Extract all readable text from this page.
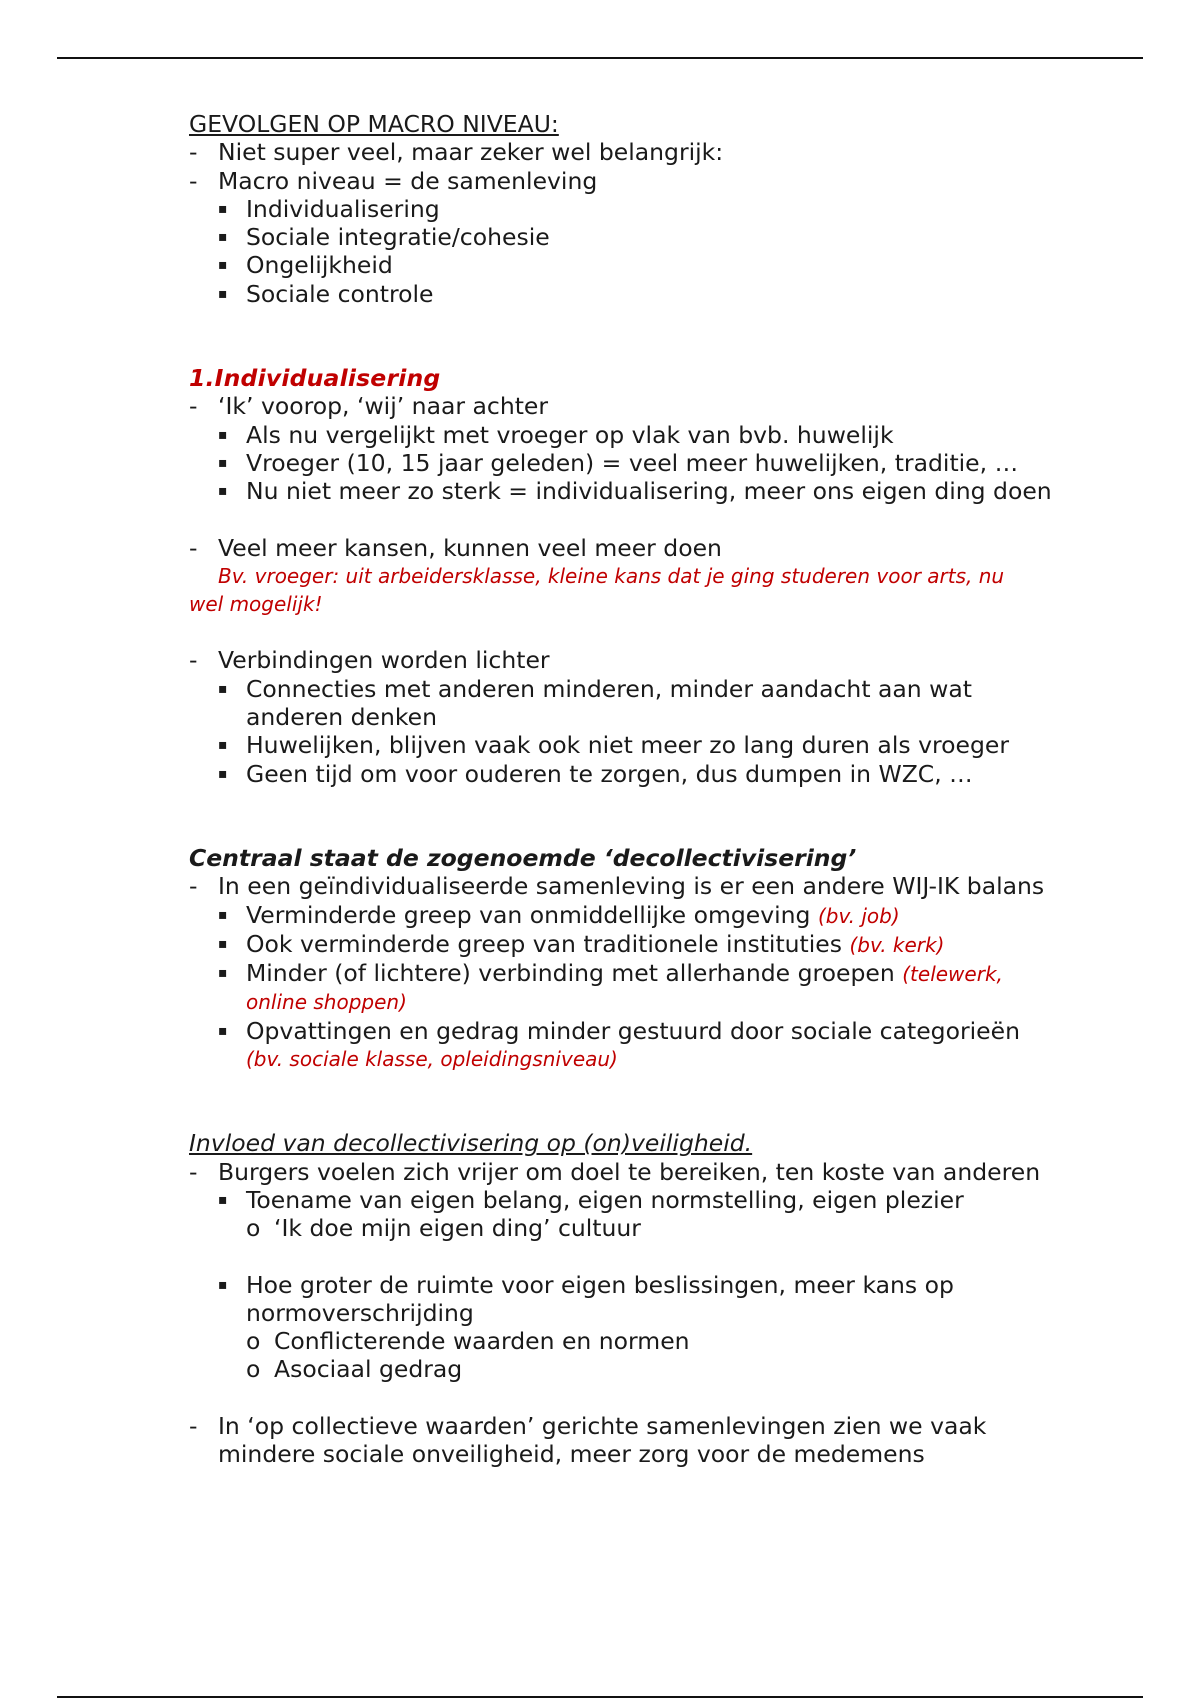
GEVOLGEN OP MACRO NIVEAU:
- Niet super veel, maar zeker wel belangrijk:
- Macro niveau = de samenleving
▪ Individualisering
▪ Sociale integratie/cohesie
▪ Ongelijkheid
▪ Sociale controle
1.Individualisering
- ‘Ik’ voorop, ‘wij’ naar achter
▪ Als nu vergelijkt met vroeger op vlak van bvb. huwelijk
▪ Vroeger (10, 15 jaar geleden) = veel meer huwelijken, traditie, …
▪ Nu niet meer zo sterk = individualisering, meer ons eigen ding doen
- Veel meer kansen, kunnen veel meer doen
Bv. vroeger: uit arbeidersklasse, kleine kans dat je ging studeren voor arts, nu
wel mogelijk!
- Verbindingen worden lichter
▪ Connecties met anderen minderen, minder aandacht aan wat
anderen denken
▪ Huwelijken, blijven vaak ook niet meer zo lang duren als vroeger
▪ Geen tijd om voor ouderen te zorgen, dus dumpen in WZC, …
Centraal staat de zogenoemde ‘decollectivisering’
- In een geïndividualiseerde samenleving is er een andere WIJ-IK balans
▪ Verminderde greep van onmiddellijke omgeving (bv. job)
▪ Ook verminderde greep van traditionele instituties (bv. kerk)
▪ Minder (of lichtere) verbinding met allerhande groepen (telewerk,
online shoppen)
▪ Opvattingen en gedrag minder gestuurd door sociale categorieën
(bv. sociale klasse, opleidingsniveau)
Invloed van decollectivisering op (on)veiligheid.
- Burgers voelen zich vrijer om doel te bereiken, ten koste van anderen
▪ Toename van eigen belang, eigen normstelling, eigen plezier
o ‘Ik doe mijn eigen ding’ cultuur
▪ Hoe groter de ruimte voor eigen beslissingen, meer kans op
normoverschrijding
o Conflicterende waarden en normen
o Asociaal gedrag
- In ‘op collectieve waarden’ gerichte samenlevingen zien we vaak
mindere sociale onveiligheid, meer zorg voor de medemens
